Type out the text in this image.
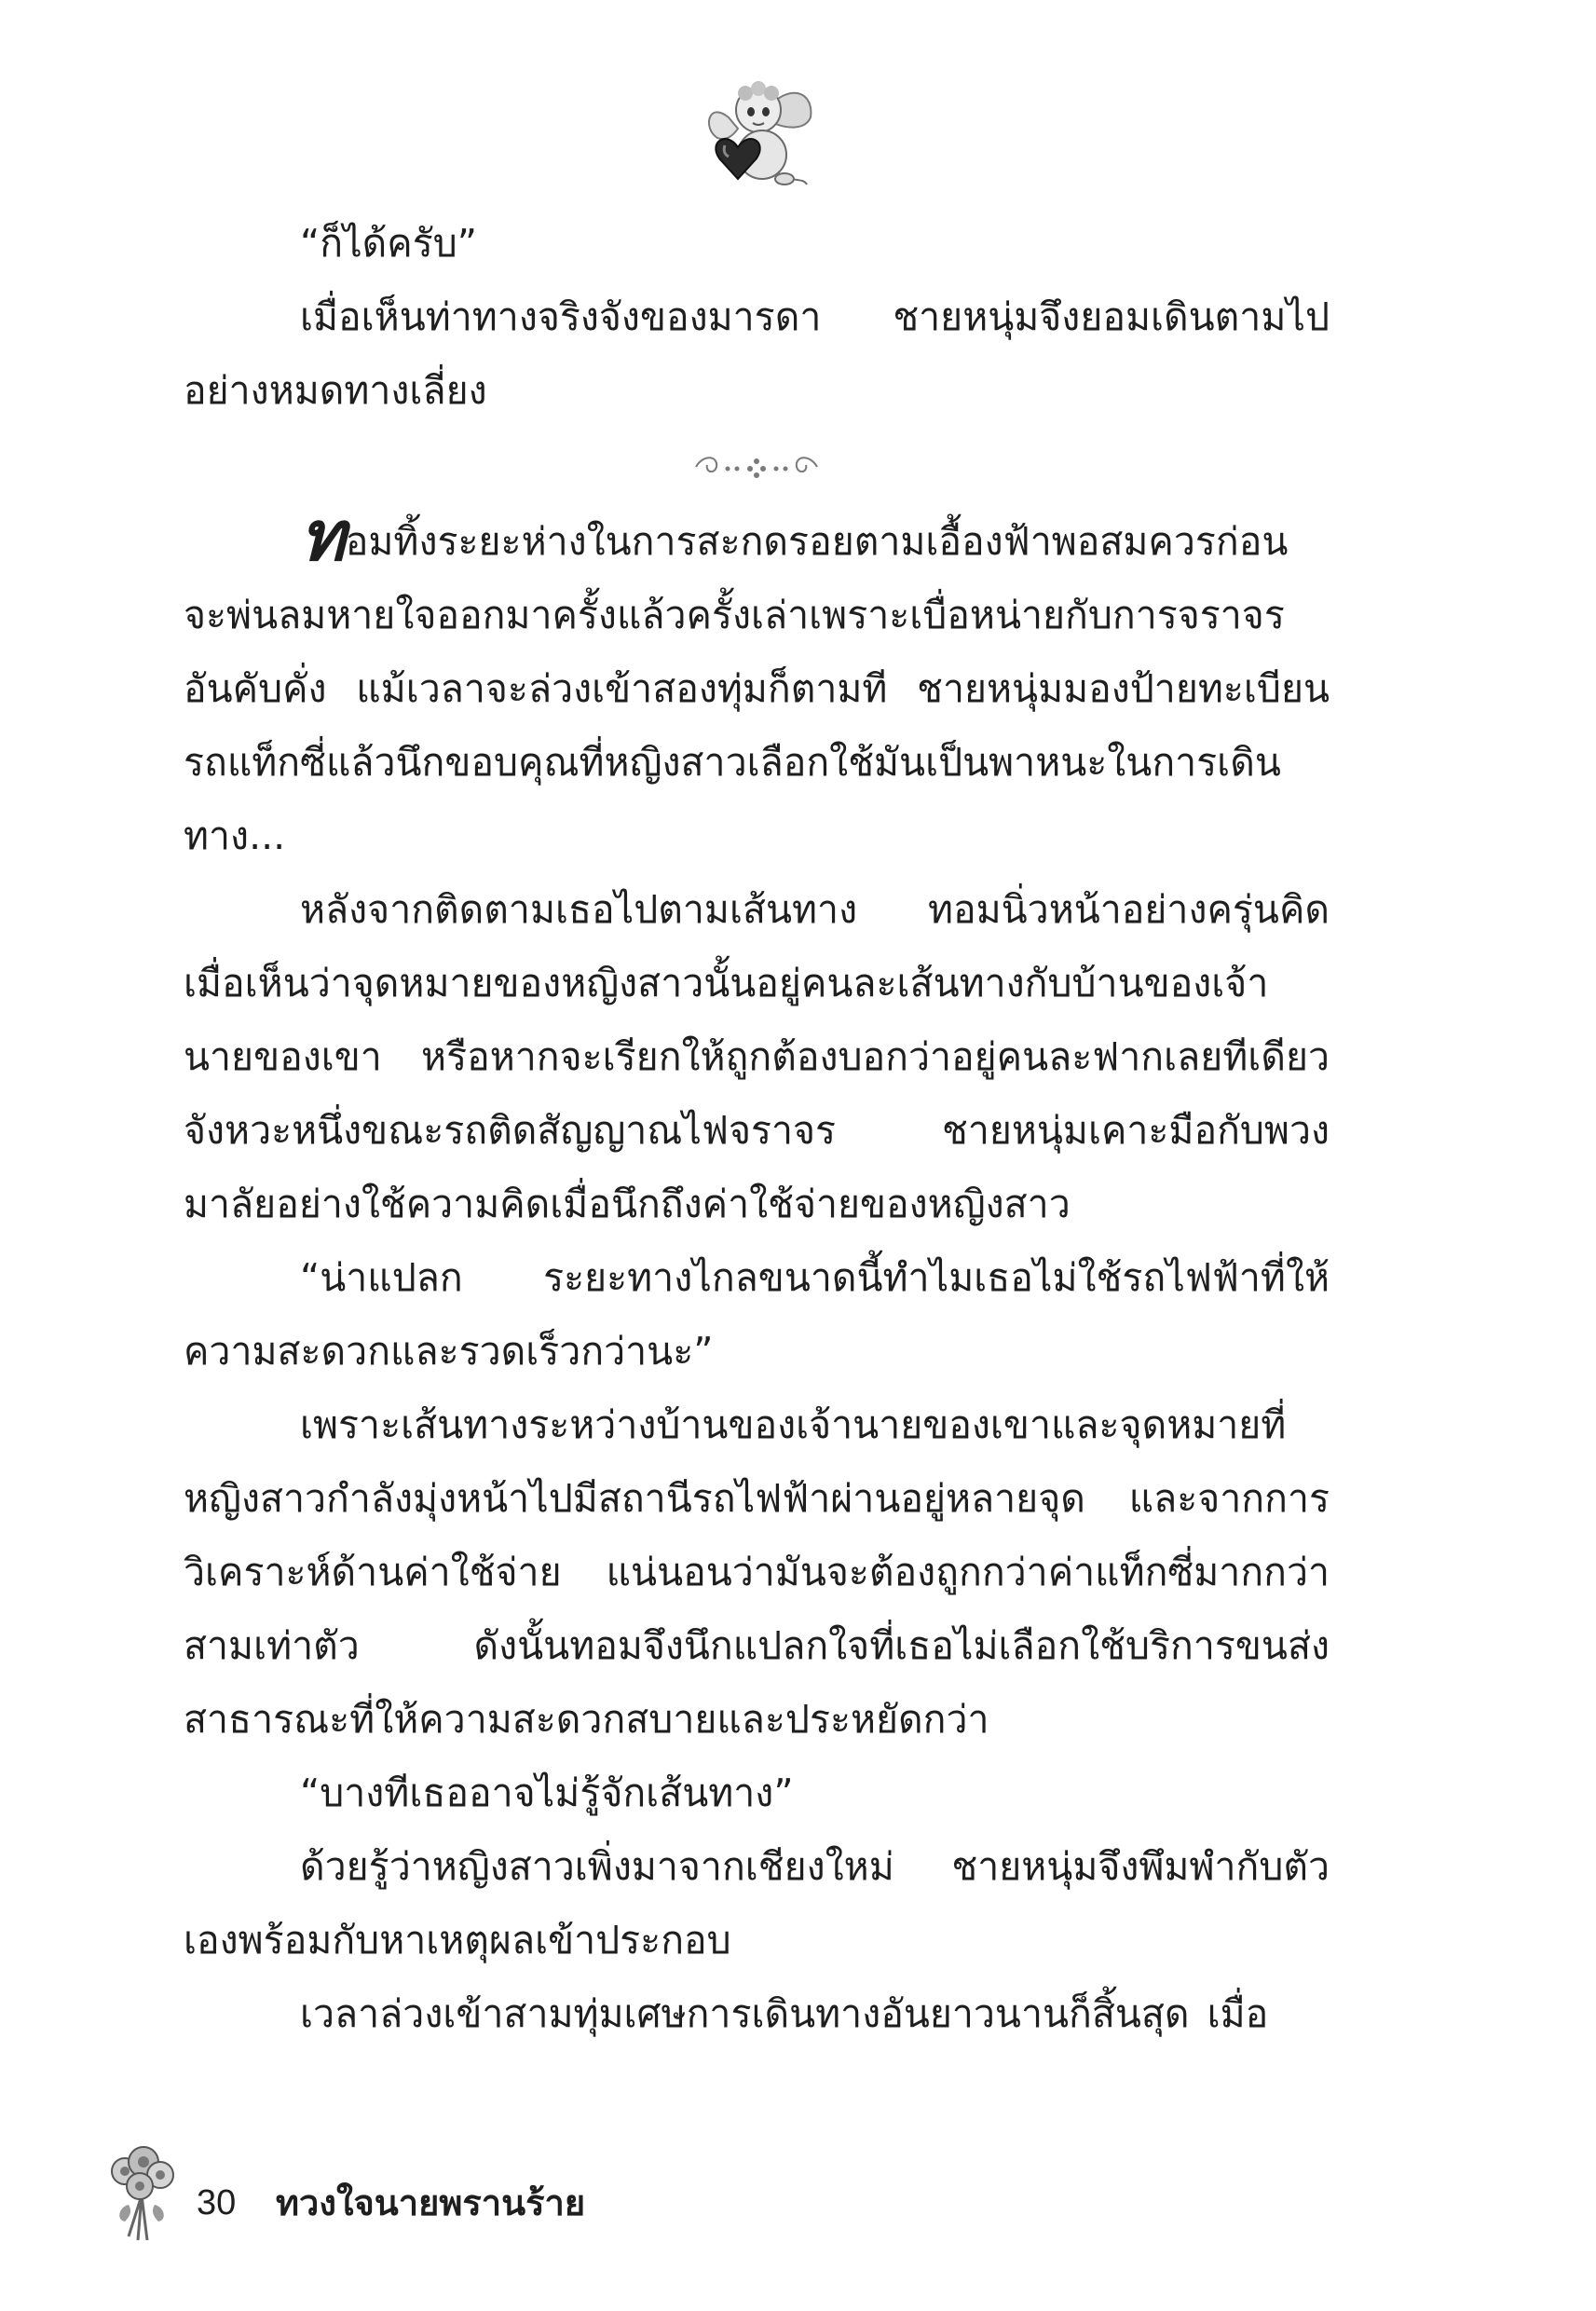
“ก็ได้ครับ”

เมื่อเห็นท่าทางจริงจังของมารดา ชายหนุ่มจึงยอมเดินตามไปอย่างหมดทางเลี่ยง

ทอมทิ้งระยะห่างในการสะกดรอยตามเอื้องฟ้าพอสมควรก่อนจะพ่นลมหายใจออกมาครั้งแล้วครั้งเล่าเพราะเบื่อหน่ายกับการจราจรอันคับคั่ง แม้เวลาจะล่วงเข้าสองทุ่มก็ตามที ชายหนุ่มมองป้ายทะเบียนรถแท็กซี่แล้วนึกขอบคุณที่หญิงสาวเลือกใช้มันเป็นพาหนะในการเดินทาง...

หลังจากติดตามเธอไปตามเส้นทาง ทอมนิ่วหน้าอย่างครุ่นคิดเมื่อเห็นว่าจุดหมายของหญิงสาวนั้นอยู่คนละเส้นทางกับบ้านของเจ้านายของเขา หรือหากจะเรียกให้ถูกต้องบอกว่าอยู่คนละฟากเลยทีเดียว จังหวะหนึ่งขณะรถติดสัญญาณไฟจราจร ชายหนุ่มเคาะมือกับพวงมาลัยอย่างใช้ความคิดเมื่อนึกถึงค่าใช้จ่ายของหญิงสาว

“น่าแปลก ระยะทางไกลขนาดนี้ทำไมเธอไม่ใช้รถไฟฟ้าที่ให้ความสะดวกและรวดเร็วกว่านะ”

เพราะเส้นทางระหว่างบ้านของเจ้านายของเขาและจุดหมายที่หญิงสาวกำลังมุ่งหน้าไปมีสถานีรถไฟฟ้าผ่านอยู่หลายจุด และจากการวิเคราะห์ด้านค่าใช้จ่าย แน่นอนว่ามันจะต้องถูกกว่าค่าแท็กซี่มากกว่าสามเท่าตัว ดังนั้นทอมจึงนึกแปลกใจที่เธอไม่เลือกใช้บริการขนส่งสาธารณะที่ให้ความสะดวกสบายและประหยัดกว่า

“บางทีเธออาจไม่รู้จักเส้นทาง”

ด้วยรู้ว่าหญิงสาวเพิ่งมาจากเชียงใหม่ ชายหนุ่มจึงพึมพำกับตัวเองพร้อมกับหาเหตุผลเข้าประกอบ

เวลาล่วงเข้าสามทุ่มเศษการเดินทางอันยาวนานก็สิ้นสุด เมื่อ

30 ทวงใจนายพรานร้าย
